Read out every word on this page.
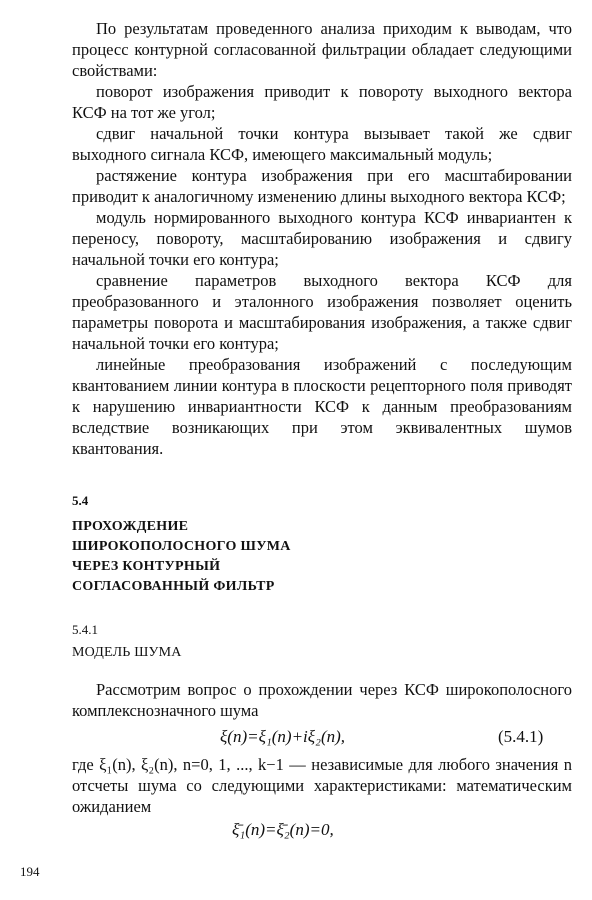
По результатам проведенного анализа приходим к выводам, что процесс контурной согласованной фильтрации обладает следующими свойствами:

поворот изображения приводит к повороту выходного вектора КСФ на тот же угол;

сдвиг начальной точки контура вызывает такой же сдвиг выходного сигнала КСФ, имеющего максимальный модуль;

растяжение контура изображения при его масштабировании приводит к аналогичному изменению длины выходного вектора КСФ;

модуль нормированного выходного контура КСФ инвариантен к переносу, повороту, масштабированию изображения и сдвигу начальной точки его контура;

сравнение параметров выходного вектора КСФ для преобразованного и эталонного изображения позволяет оценить параметры поворота и масштабирования изображения, а также сдвиг начальной точки его контура;

линейные преобразования изображений с последующим квантованием линии контура в плоскости рецепторного поля приводят к нарушению инвариантности КСФ к данным преобразованиям вследствие возникающих при этом эквивалентных шумов квантования.

5.4
ПРОХОЖДЕНИЕ
ШИРОКОПОЛОСНОГО ШУМА
ЧЕРЕЗ КОНТУРНЫЙ
СОГЛАСОВАННЫЙ ФИЛЬТР
5.4.1
МОДЕЛЬ ШУМА

Рассмотрим вопрос о прохождении через КСФ широкополосного комплекснозначного шума

ξ(n)=ξ₁(n)+iξ₂(n),	(5.4.1)

где ξ₁(n), ξ₂(n), n=0, 1, ..., k−1 — независимые для любого значения n отсчеты шума со следующими характеристиками: математическим ожиданием

ξ̄₁(n)=ξ̄₂(n)=0,
194
